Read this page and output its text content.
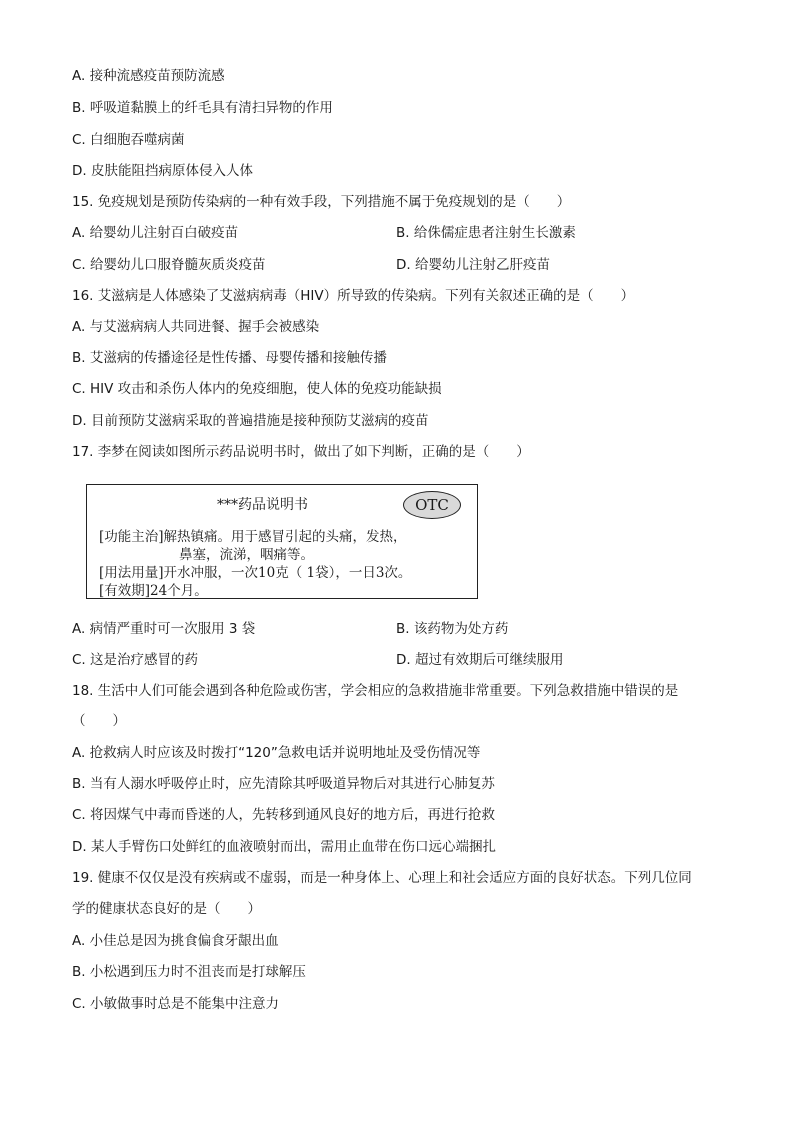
A. 接种流感疫苗预防流感
B. 呼吸道黏膜上的纤毛具有清扫异物的作用
C. 白细胞吞噬病菌
D. 皮肤能阻挡病原体侵入人体
15. 免疫规划是预防传染病的一种有效手段，下列措施不属于免疫规划的是（　　）
A. 给婴幼儿注射百白破疫苗	B. 给侏儒症患者注射生长激素
C. 给婴幼儿口服脊髓灰质炎疫苗	D. 给婴幼儿注射乙肝疫苗
16. 艾滋病是人体感染了艾滋病病毒（HIV）所导致的传染病。下列有关叙述正确的是（　　）
A. 与艾滋病病人共同进餐、握手会被感染
B. 艾滋病的传播途径是性传播、母婴传播和接触传播
C. HIV 攻击和杀伤人体内的免疫细胞，使人体的免疫功能缺损
D. 目前预防艾滋病采取的普遍措施是接种预防艾滋病的疫苗
17. 李梦在阅读如图所示药品说明书时，做出了如下判断，正确的是（　　）
***药品说明书	OTC
[功能主治]解热镇痛。用于感冒引起的头痛，发热，
鼻塞，流涕，咽痛等。
[用法用量]开水冲服，一次10克（ 1袋），一日3次。
[有效期]24个月。
A. 病情严重时可一次服用 3 袋	B. 该药物为处方药
C. 这是治疗感冒的药	D. 超过有效期后可继续服用
18. 生活中人们可能会遇到各种危险或伤害，学会相应的急救措施非常重要。下列急救措施中错误的是
（　　）
A. 抢救病人时应该及时拨打“120”急救电话并说明地址及受伤情况等
B. 当有人溺水呼吸停止时，应先清除其呼吸道异物后对其进行心肺复苏
C. 将因煤气中毒而昏迷的人，先转移到通风良好的地方后，再进行抢救
D. 某人手臂伤口处鲜红的血液喷射而出，需用止血带在伤口远心端捆扎
19. 健康不仅仅是没有疾病或不虚弱，而是一种身体上、心理上和社会适应方面的良好状态。下列几位同
学的健康状态良好的是（　　）
A. 小佳总是因为挑食偏食牙龈出血
B. 小松遇到压力时不沮丧而是打球解压
C. 小敏做事时总是不能集中注意力
